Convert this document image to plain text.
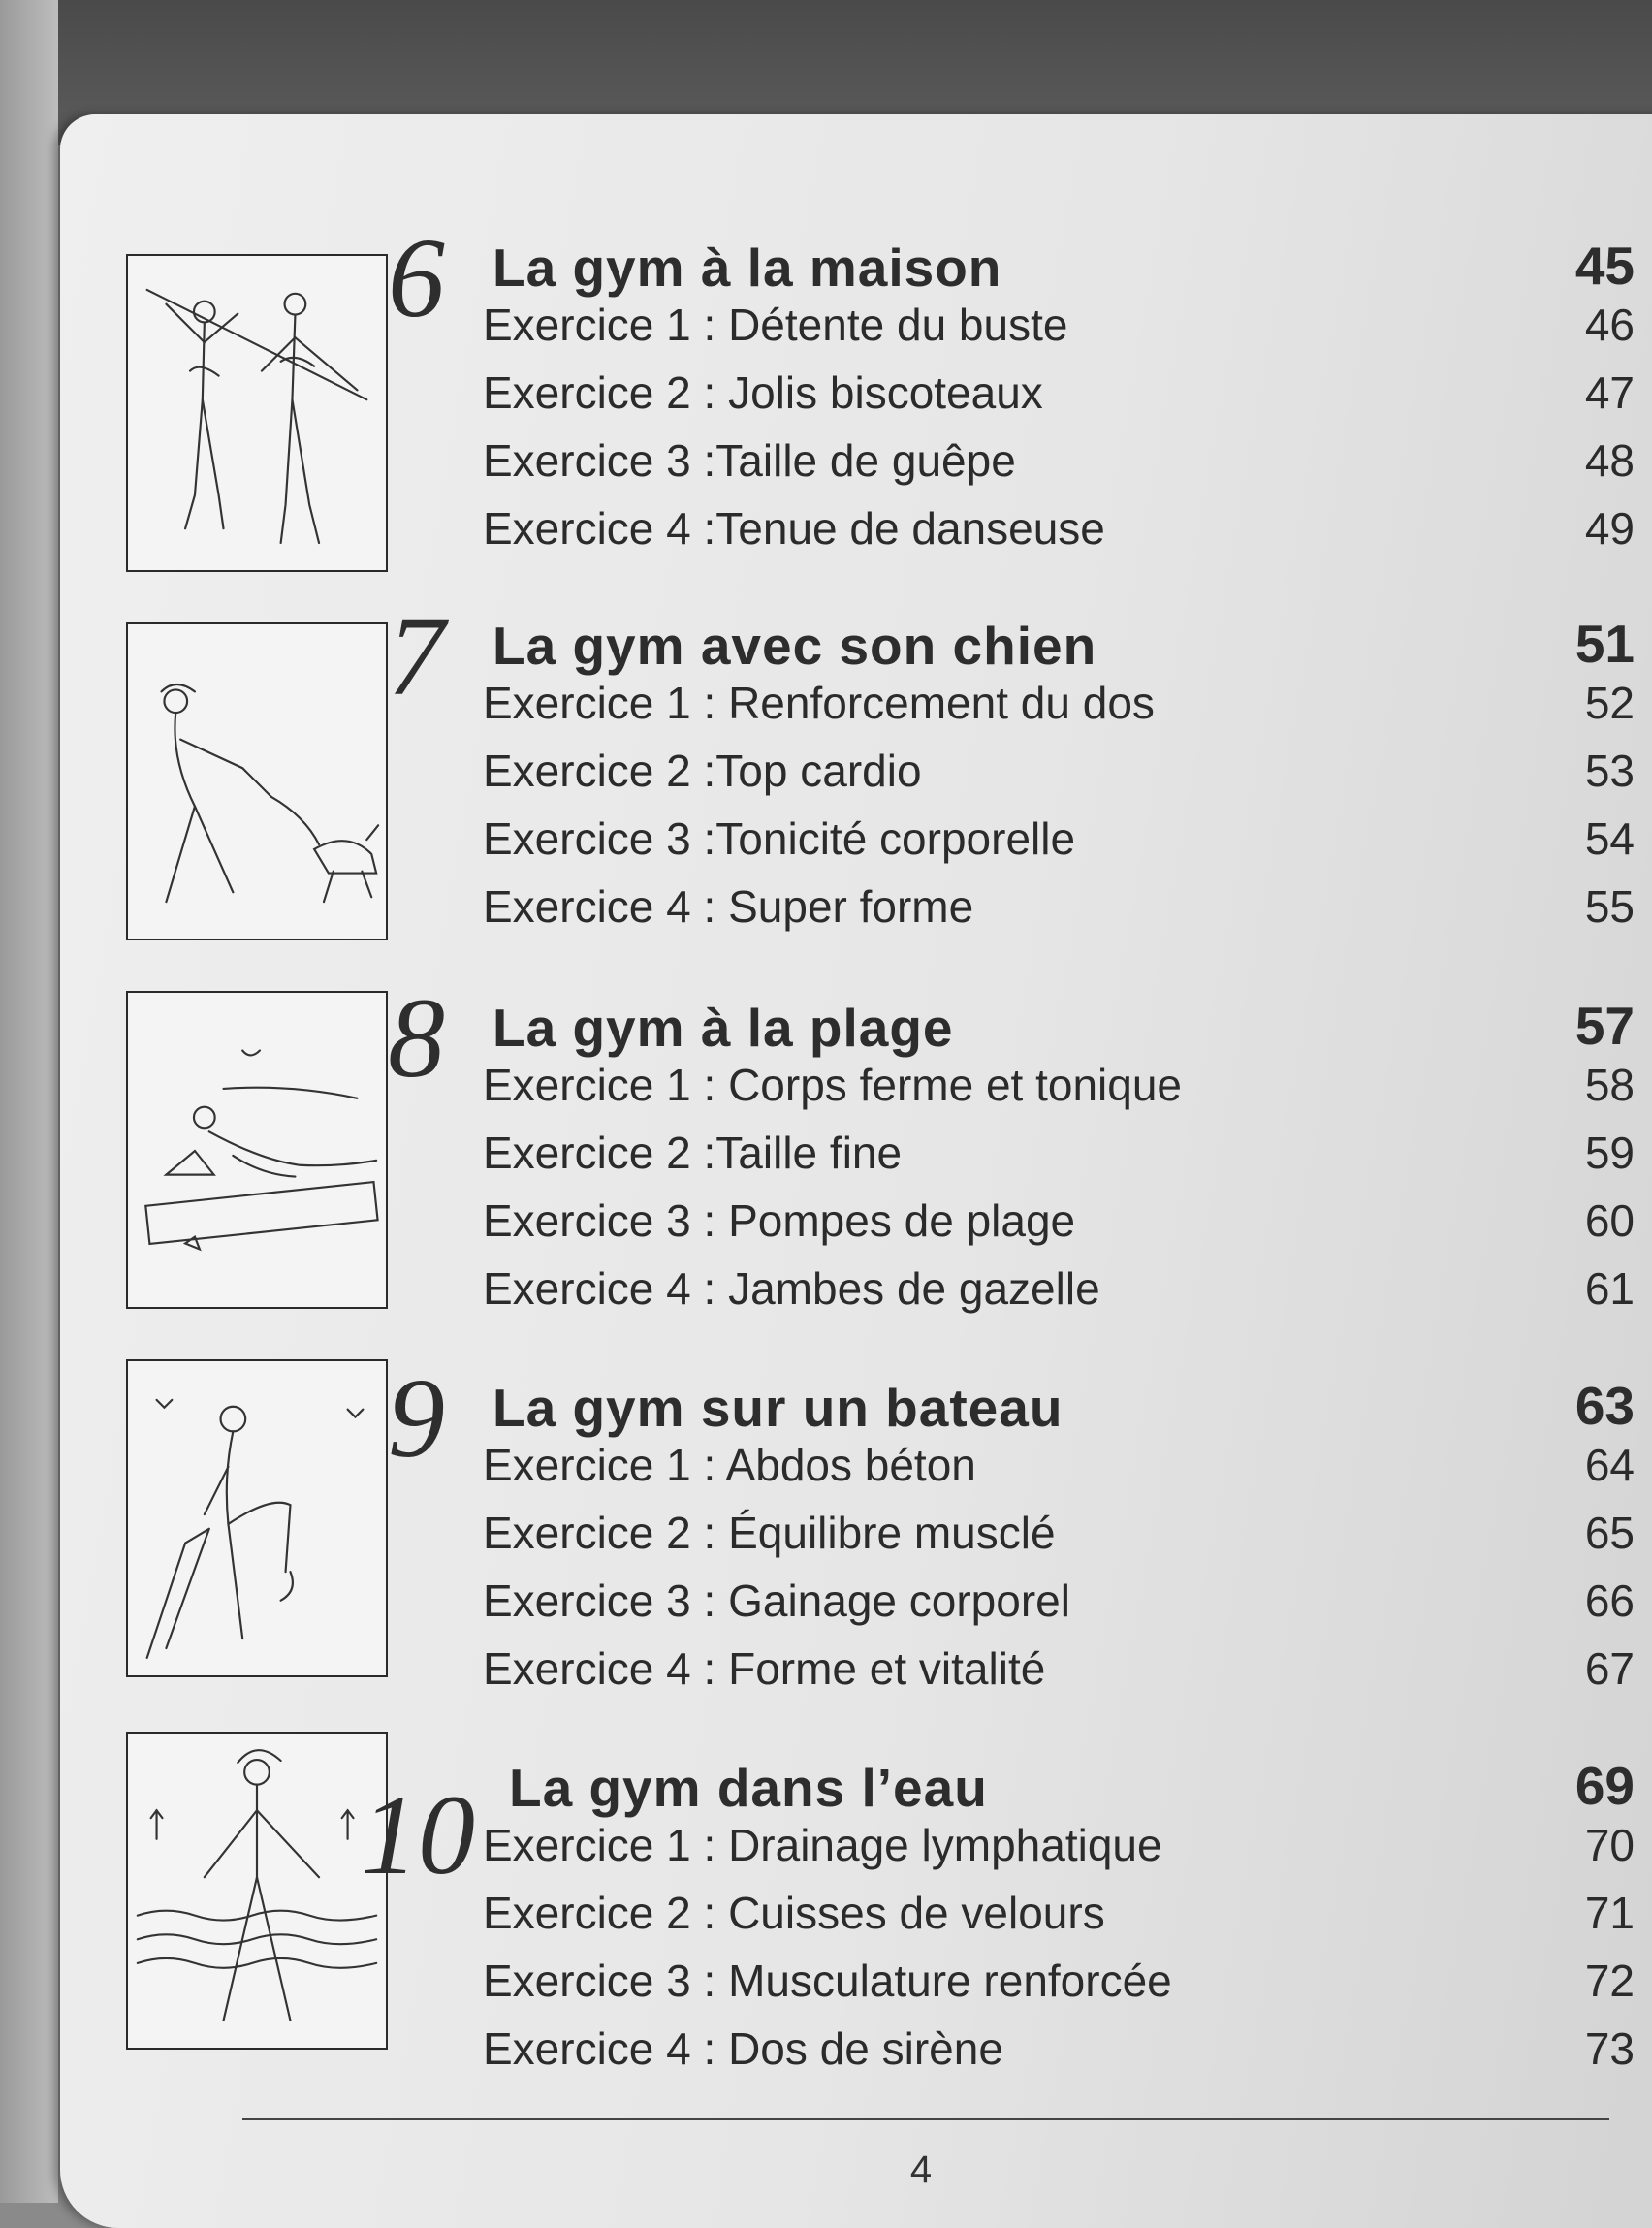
6 La gym à la maison	45
Exercice 1 : Détente du buste	46
Exercice 2 : Jolis biscoteaux	47
Exercice 3 :Taille de guêpe	48
Exercice 4 :Tenue de danseuse	49
7 La gym avec son chien	51
Exercice 1 : Renforcement du dos	52
Exercice 2 :Top cardio	53
Exercice 3 :Tonicité corporelle	54
Exercice 4 : Super forme	55
8 La gym à la plage	57
Exercice 1 : Corps ferme et tonique	58
Exercice 2 :Taille fine	59
Exercice 3 : Pompes de plage	60
Exercice 4 : Jambes de gazelle	61
9 La gym sur un bateau	63
Exercice 1 : Abdos béton	64
Exercice 2 : Équilibre musclé	65
Exercice 3 : Gainage corporel	66
Exercice 4 : Forme et vitalité	67
10 La gym dans l’eau	69
Exercice 1 : Drainage lymphatique	70
Exercice 2 : Cuisses de velours	71
Exercice 3 : Musculature renforcée	72
Exercice 4 : Dos de sirène	73
4
